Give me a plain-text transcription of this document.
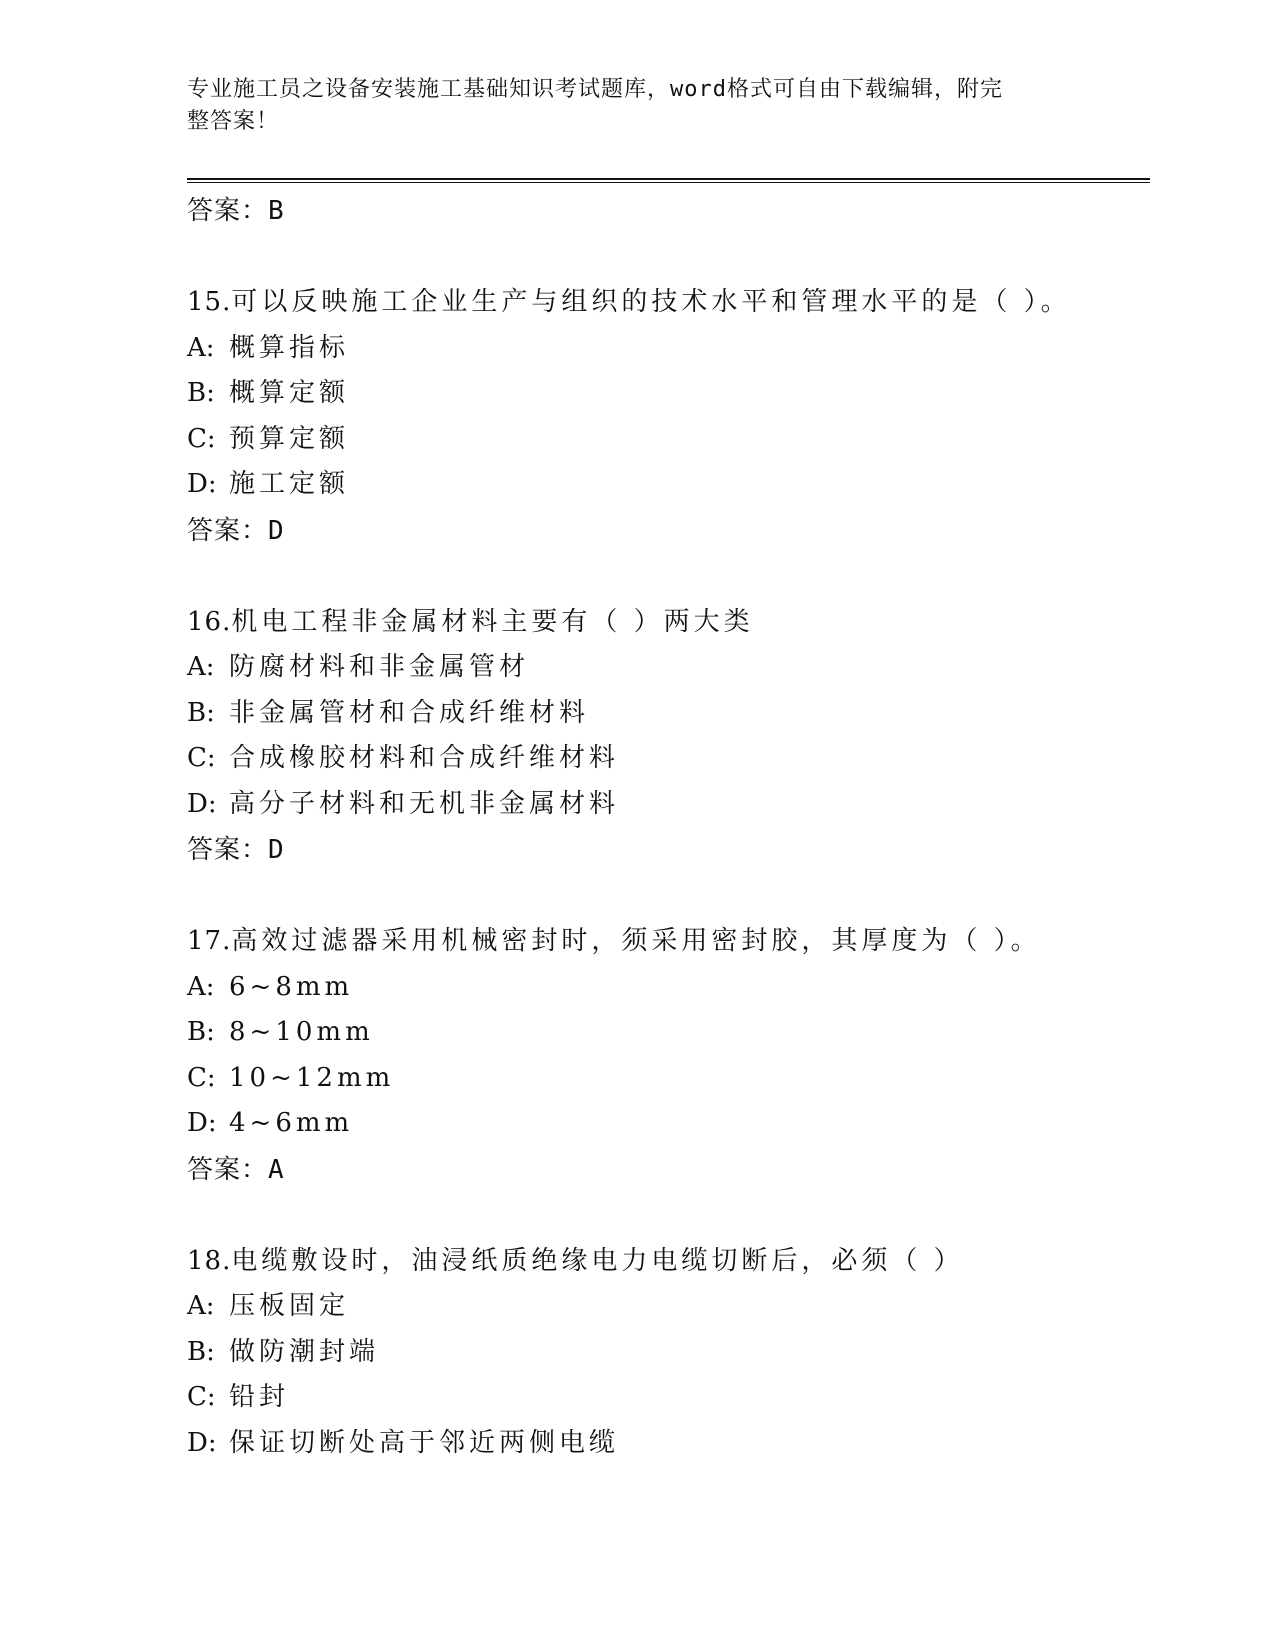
专业施工员之设备安装施工基础知识考试题库，word格式可自由下载编辑，附完
整答案！
答案：B
15.可以反映施工企业生产与组织的技术水平和管理水平的是（ ）。
A: 概算指标
B: 概算定额
C: 预算定额
D: 施工定额
答案：D
16.机电工程非金属材料主要有（ ）两大类
A: 防腐材料和非金属管材
B: 非金属管材和合成纤维材料
C: 合成橡胶材料和合成纤维材料
D: 高分子材料和无机非金属材料
答案：D
17.高效过滤器采用机械密封时，须采用密封胶，其厚度为（ ）。
A: 6~8mm
B: 8~10mm
C: 10~12mm
D: 4~6mm
答案：A
18.电缆敷设时，油浸纸质绝缘电力电缆切断后，必须（ ）
A: 压板固定
B: 做防潮封端
C: 铅封
D: 保证切断处高于邻近两侧电缆
